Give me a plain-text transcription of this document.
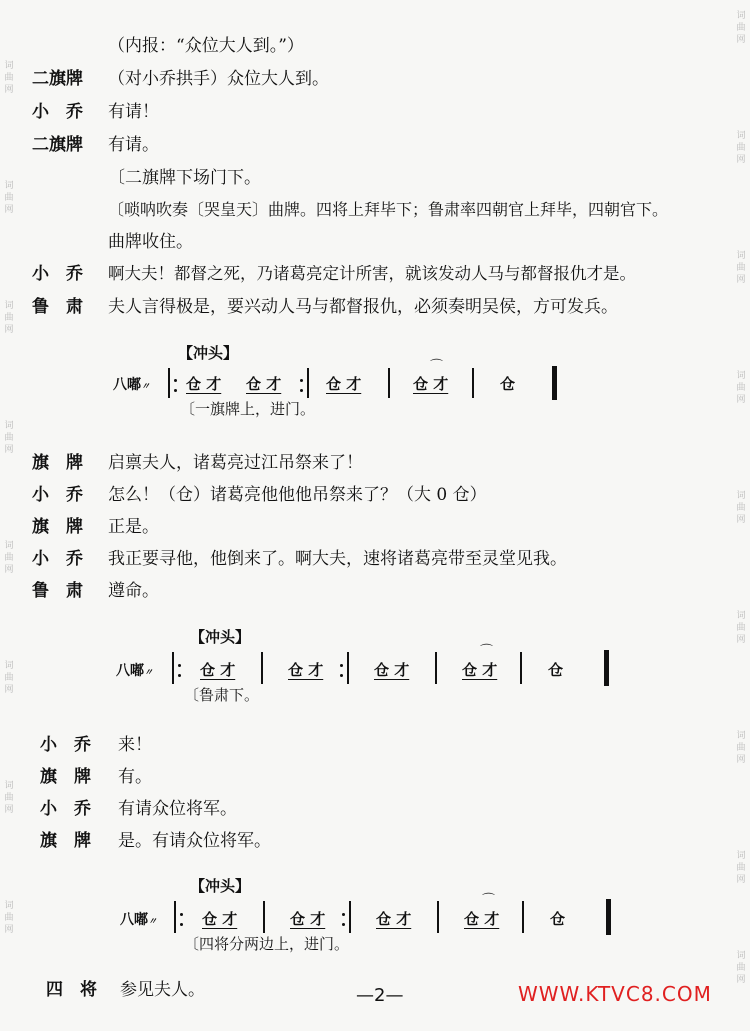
词
曲
网
词
曲
网
词
曲
网
词
曲
网
词
曲
网
词
曲
网
词
曲
网
词
曲
网
词
曲
网
词
曲
网
词
曲
网
词
曲
网
词
曲
网
词
曲
网
词
曲
网
词
曲
网
词
曲
网
（内报：“众位大人到。”）
二旗牌 （对小乔拱手）众位大人到。
小乔 有请！
二旗牌 有请。
〔二旗牌下场门下。
〔唢呐吹奏〔哭皇天〕曲牌。四将上拜毕下；鲁肃率四朝官上拜毕，四朝官下。
曲牌收住。
小乔 啊大夫！都督之死，乃诸葛亮定计所害，就该发动人马与都督报仇才是。
鲁肃 夫人言得极是，要兴动人马与都督报仇，必须奏明吴侯，方可发兵。
【冲头】
八嘟〃 仓 才 仓 才	仓 才
⌒
仓 才	仓
〔一旗牌上，进门。
旗牌 启禀夫人，诸葛亮过江吊祭来了！
小乔 怎么！（仓）诸葛亮他他他吊祭来了？（大 0 仓）
旗牌 正是。
小乔 我正要寻他，他倒来了。啊大夫，速将诸葛亮带至灵堂见我。
鲁肃 遵命。
【冲头】
八嘟〃	仓 才	仓 才	仓 才
⌒
仓 才	仓
〔鲁肃下。
小乔 来！
旗牌 有。
小乔 有请众位将军。
旗牌 是。有请众位将军。
【冲头】
八嘟〃	仓 才	仓 才	仓 才
⌒
仓 才	仓
〔四将分两边上，进门。
四将 参见夫人。	—2—	WWW.KTVC8.COM
